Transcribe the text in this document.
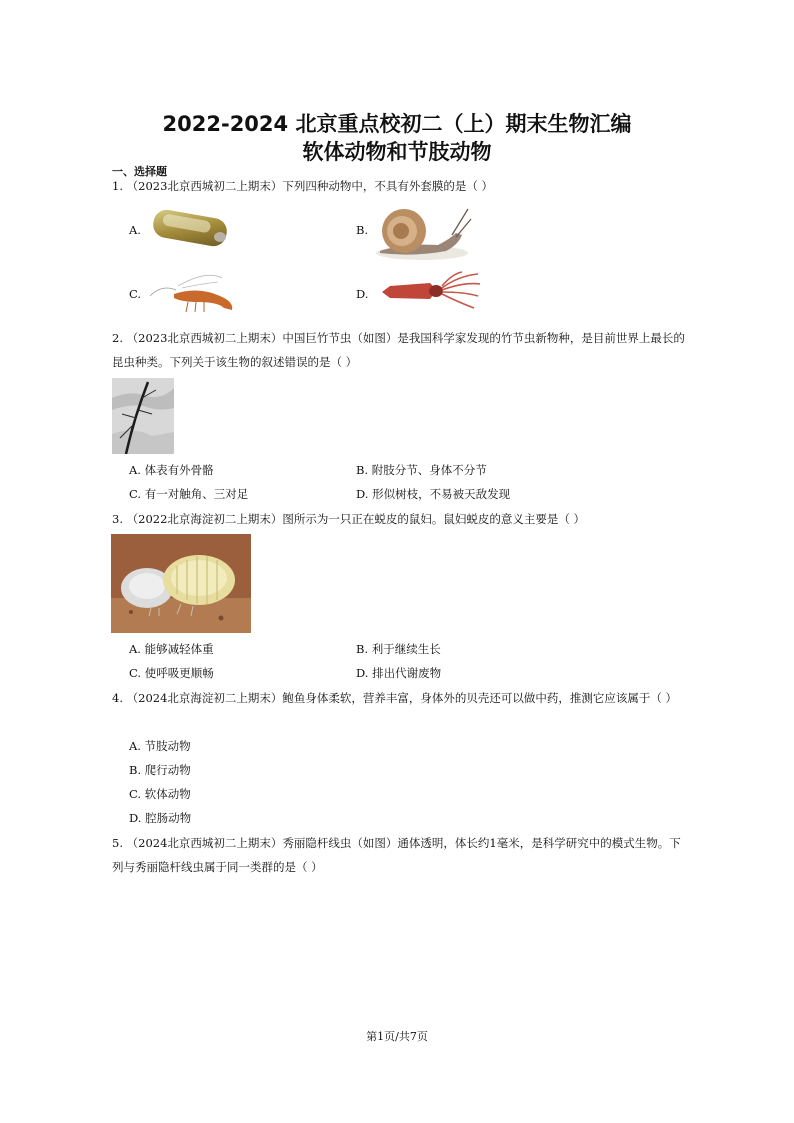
2022-2024 北京重点校初二（上）期末生物汇编
软体动物和节肢动物
一、选择题
1. （2023北京西城初二上期末）下列四种动物中，不具有外套膜的是（ ）
A.	B.
C.	D.
2. （2023北京西城初二上期末）中国巨竹节虫（如图）是我国科学家发现的竹节虫新物种，是目前世界上最长的昆虫种类。下列关于该生物的叙述错误的是（ ）
A. 体表有外骨骼	B. 附肢分节、身体不分节
C. 有一对触角、三对足	D. 形似树枝，不易被天敌发现
3. （2022北京海淀初二上期末）图所示为一只正在蜕皮的鼠妇。鼠妇蜕皮的意义主要是（ ）
A. 能够减轻体重	B. 利于继续生长
C. 使呼吸更顺畅	D. 排出代谢废物
4. （2024北京海淀初二上期末）鲍鱼身体柔软，营养丰富，身体外的贝壳还可以做中药，推测它应该属于（ ）
A. 节肢动物
B. 爬行动物
C. 软体动物
D. 腔肠动物
5. （2024北京西城初二上期末）秀丽隐杆线虫（如图）通体透明，体长约1毫米，是科学研究中的模式生物。下列与秀丽隐杆线虫属于同一类群的是（ ）
第1页/共7页
